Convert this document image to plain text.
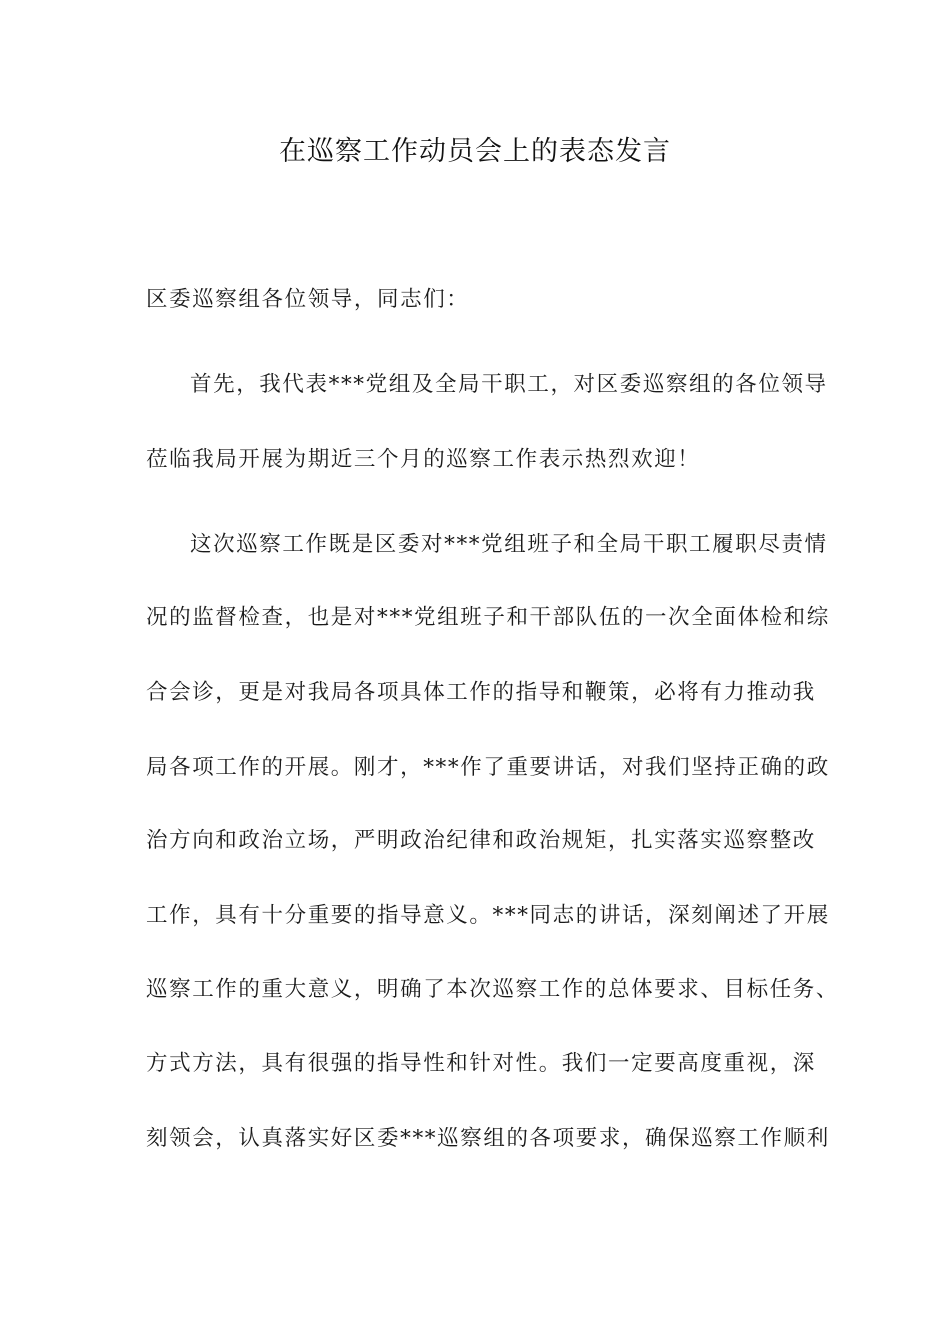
在巡察工作动员会上的表态发言
区委巡察组各位领导，同志们：
首先，我代表***党组及全局干职工，对区委巡察组的各位领导
莅临我局开展为期近三个月的巡察工作表示热烈欢迎！
这次巡察工作既是区委对***党组班子和全局干职工履职尽责情
况的监督检查，也是对***党组班子和干部队伍的一次全面体检和综
合会诊，更是对我局各项具体工作的指导和鞭策，必将有力推动我
局各项工作的开展。刚才，***作了重要讲话，对我们坚持正确的政
治方向和政治立场，严明政治纪律和政治规矩，扎实落实巡察整改
工作，具有十分重要的指导意义。***同志的讲话，深刻阐述了开展
巡察工作的重大意义，明确了本次巡察工作的总体要求、目标任务、
方式方法，具有很强的指导性和针对性。我们一定要高度重视，深
刻领会，认真落实好区委***巡察组的各项要求，确保巡察工作顺利
